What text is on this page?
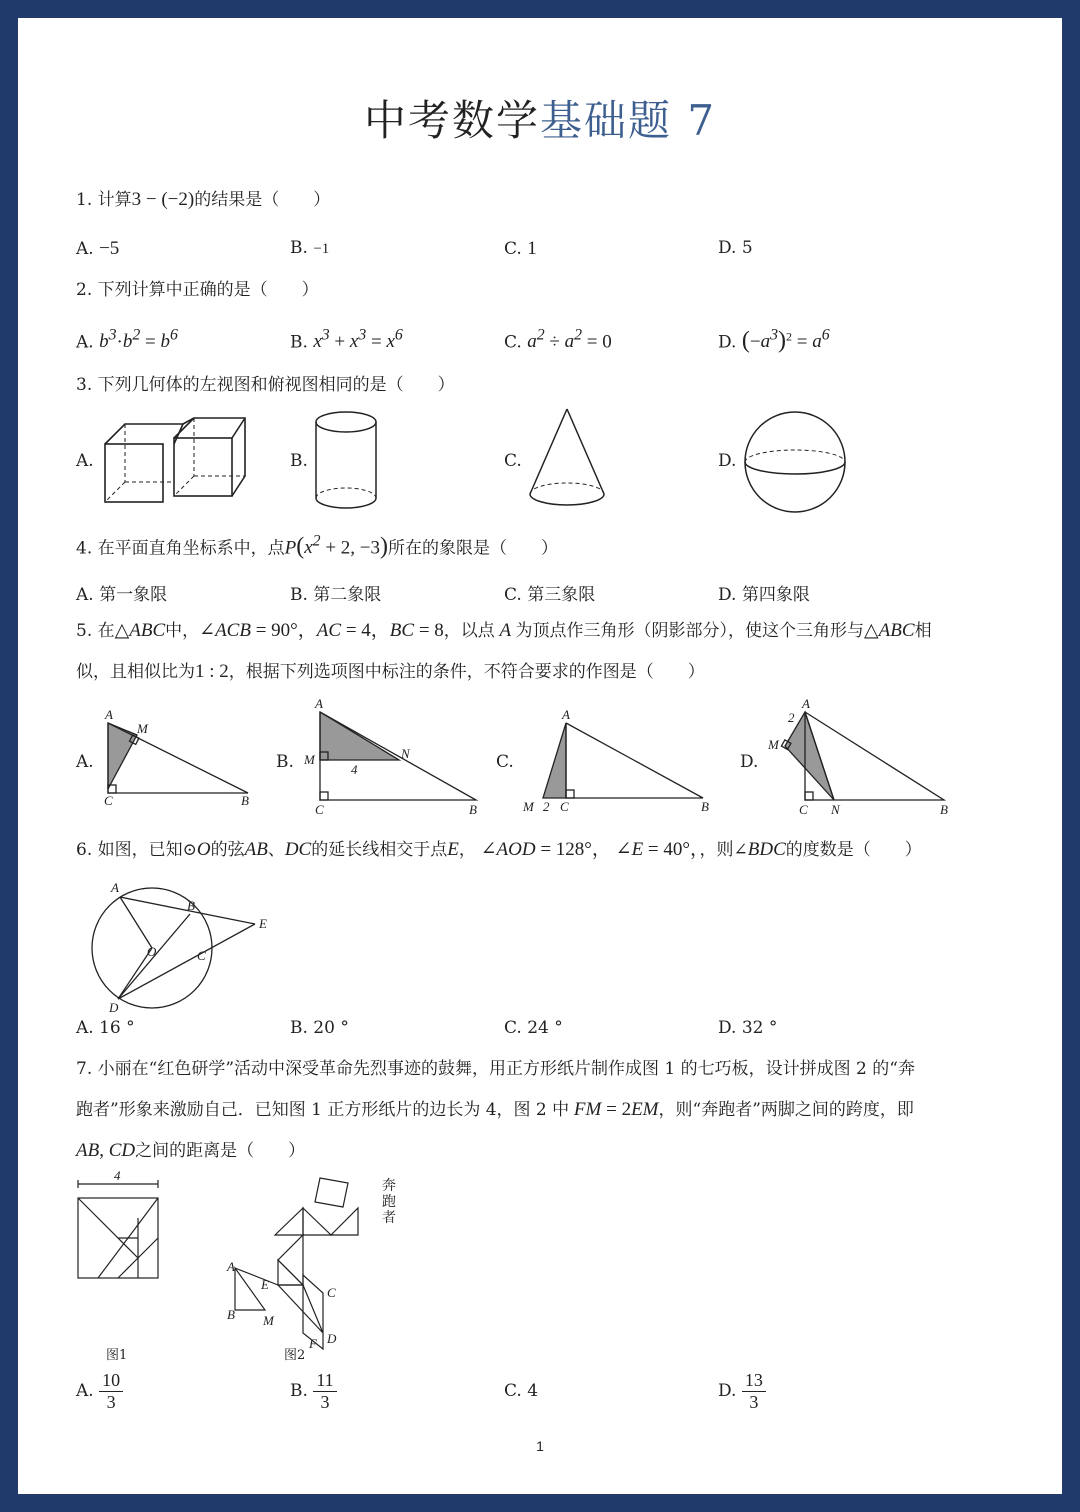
中考数学基础题 7
1. 计算3 − (−2)的结果是（　　）
A. −5	B. −1	C. 1	D. 5
2. 下列计算中正确的是（　　）
A. $b^3\cdot b^2 = b^6$	B. $x^3 + x^3 = x^6$	C. $a^2 \div a^2 = 0$	D. $(-a^3)^2 = a^6$
3. 下列几何体的左视图和俯视图相同的是（　　）
A.	B.	C.	D.
4. 在平面直角坐标系中，点$P(x^2 + 2$, −3)所在的象限是（　　）
A. 第一象限	B. 第二象限	C. 第三象限	D. 第四象限
5. 在△ABC中，∠ACB = 90°，AC = 4，BC = 8，以点 A 为顶点作三角形（阴影部分），使这个三角形与△ABC相
似，且相似比为1 : 2，根据下列选项图中标注的条件，不符合要求的作图是（　　）
A.	B.	C.	D.
A
M
C	B
A
M	N
4
C	B
A
M 2 C	B
A
2
M
C N	B
6. 如图，已知⊙O的弦AB、DC的延长线相交于点E， ∠AOD = 128°， ∠E = 40°，，则∠BDC的度数是（　　）
A
B
O
E
C
D
A. 16 °	B. 20 °	C. 24 °	D. 32 °
7. 小丽在“红色研学”活动中深受革命先烈事迹的鼓舞，用正方形纸片制作成图 1 的七巧板，设计拼成图 2 的“奔
跑者”形象来激励自己．已知图 1 正方形纸片的边长为 4，图 2 中 FM = 2EM，则“奔跑者”两脚之间的跨度，即
AB, CD之间的距离是（　　）
4
图1
A
E
B M
C
F D
图2
奔跑者
A. $\frac{10}{3}$	B. $\frac{11}{3}$	C. 4	D. $\frac{13}{3}$
1
